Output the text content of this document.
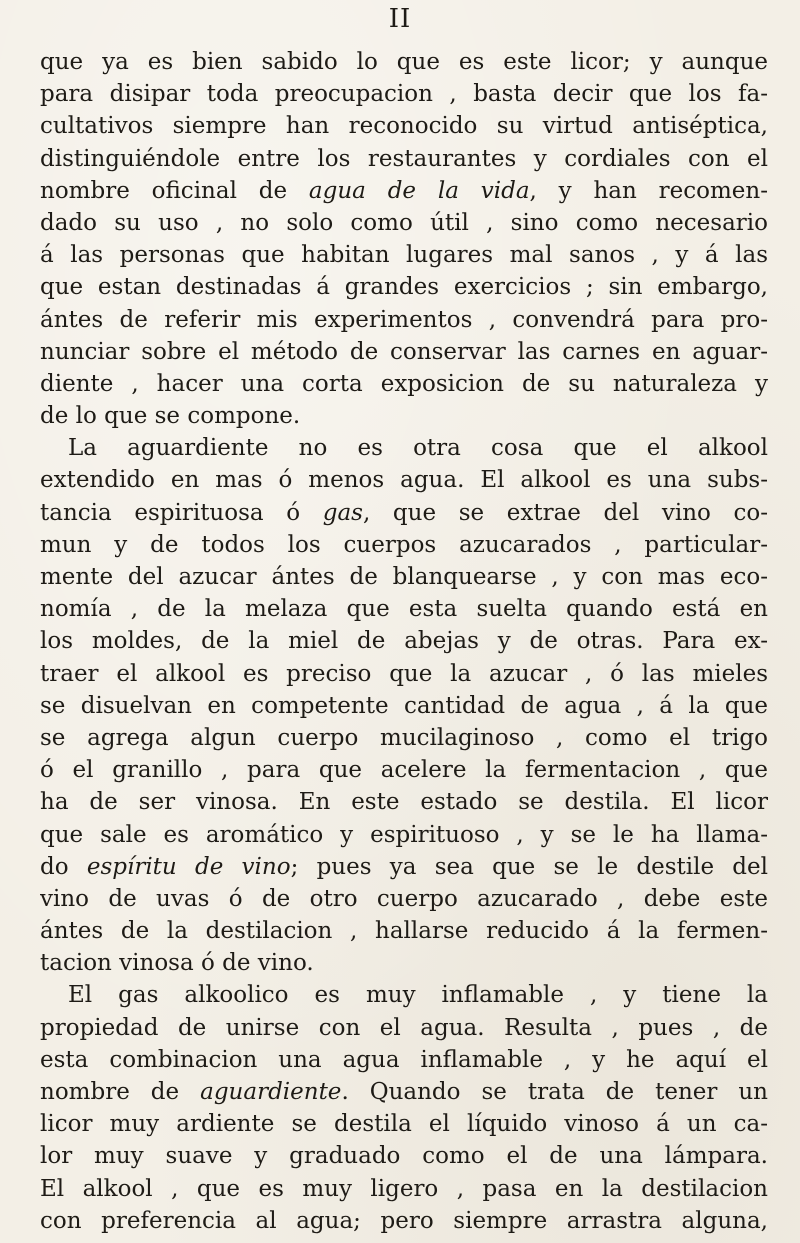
II
que ya es bien sabido lo que es este licor; y aunque
para disipar toda preocupacion , basta decir que los fa-
cultativos siempre han reconocido su virtud antiséptica,
distinguiéndole entre los restaurantes y cordiales con el
nombre oficinal de agua de la vida, y han recomen-
dado su uso , no solo como útil , sino como necesario
á las personas que habitan lugares mal sanos , y á las
que estan destinadas á grandes exercicios ; sin embargo,
ántes de referir mis experimentos , convendrá para pro-
nunciar sobre el método de conservar las carnes en aguar-
diente , hacer una corta exposicion de su naturaleza y
de lo que se compone.
La aguardiente no es otra cosa que el alkool
extendido en mas ó menos agua. El alkool es una subs-
tancia espirituosa ó gas, que se extrae del vino co-
mun y de todos los cuerpos azucarados , particular-
mente del azucar ántes de blanquearse , y con mas eco-
nomía , de la melaza que esta suelta quando está en
los moldes, de la miel de abejas y de otras. Para ex-
traer el alkool es preciso que la azucar , ó las mieles
se disuelvan en competente cantidad de agua , á la que
se agrega algun cuerpo mucilaginoso , como el trigo
ó el granillo , para que acelere la fermentacion , que
ha de ser vinosa. En este estado se destila. El licor
que sale es aromático y espirituoso , y se le ha llama-
do espíritu de vino; pues ya sea que se le destile del
vino de uvas ó de otro cuerpo azucarado , debe este
ántes de la destilacion , hallarse reducido á la fermen-
tacion vinosa ó de vino.
El gas alkoolico es muy inflamable , y tiene la
propiedad de unirse con el agua. Resulta , pues , de
esta combinacion una agua inflamable , y he aquí el
nombre de aguardiente. Quando se trata de tener un
licor muy ardiente se destila el líquido vinoso á un ca-
lor muy suave y graduado como el de una lámpara.
El alkool , que es muy ligero , pasa en la destilacion
con preferencia al agua; pero siempre arrastra alguna,
